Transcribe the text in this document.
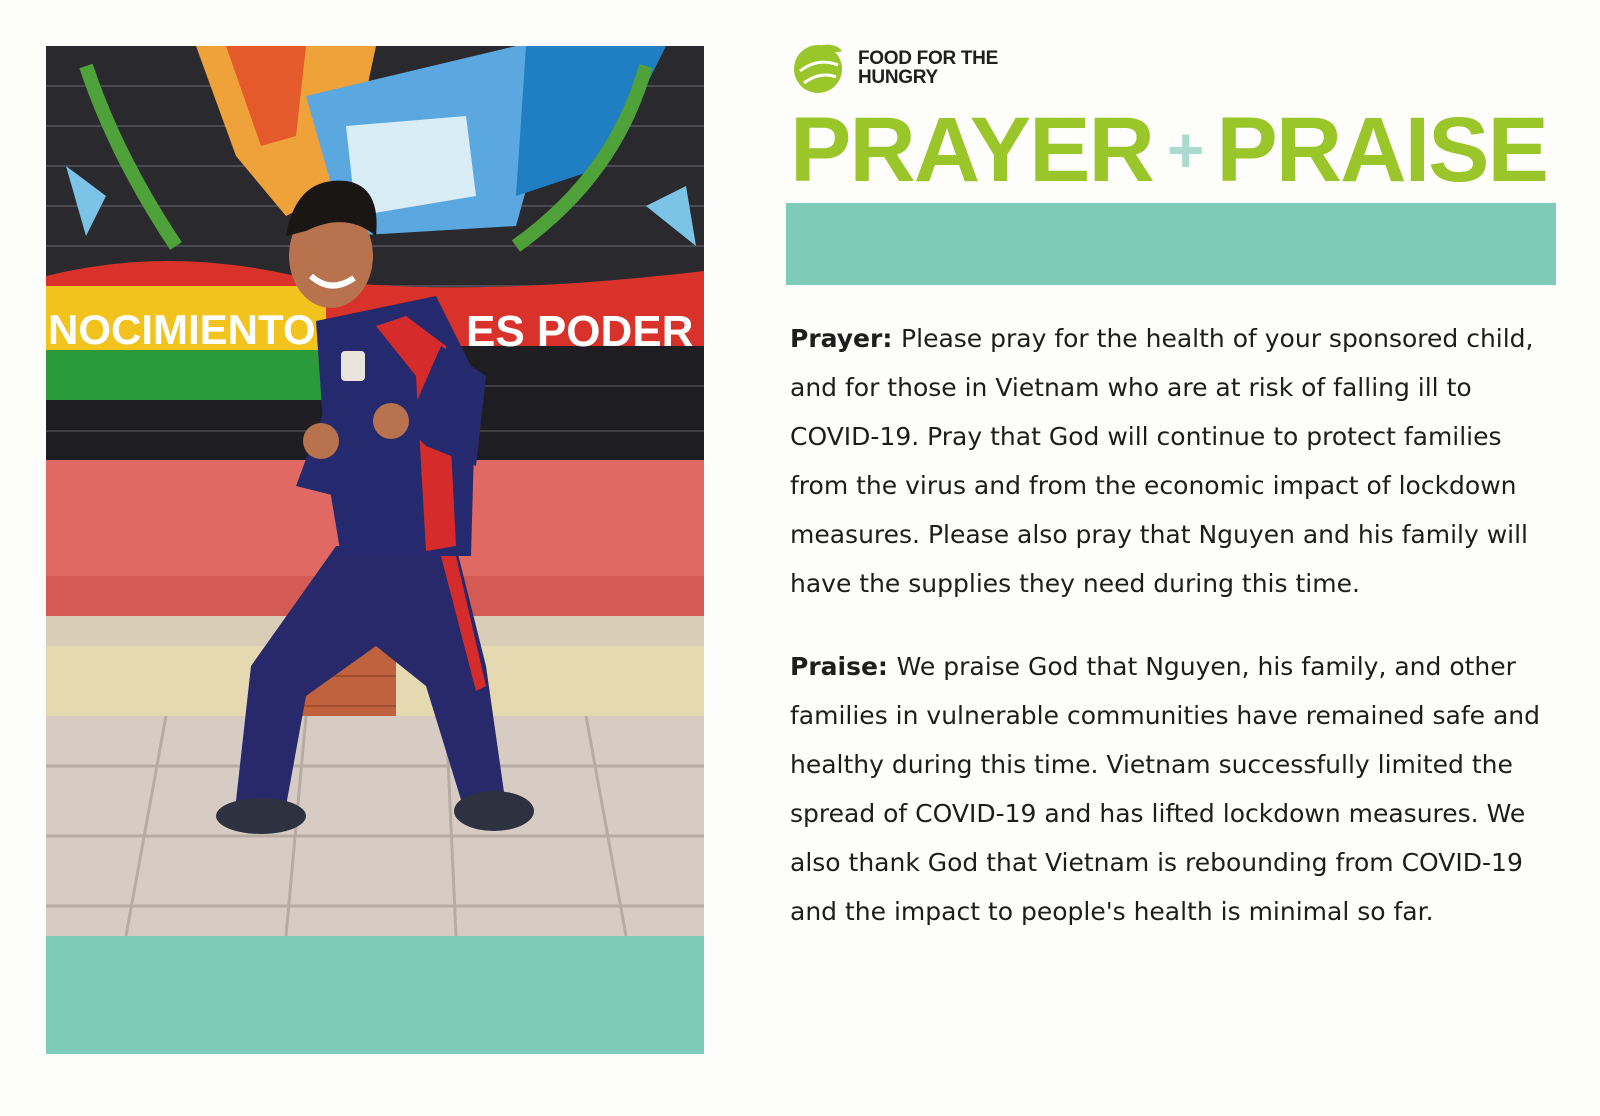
NOCIMIENTO	ES PODER
FOOD FOR THE HUNGRY
PRAYER + PRAISE

Prayer: Please pray for the health of your sponsored child, and for those in Vietnam who are at risk of falling ill to COVID-19. Pray that God will continue to protect families from the virus and from the economic impact of lockdown measures. Please also pray that Nguyen and his family will have the supplies they need during this time.

Praise: We praise God that Nguyen, his family, and other families in vulnerable communities have remained safe and healthy during this time. Vietnam successfully limited the spread of COVID-19 and has lifted lockdown measures. We also thank God that Vietnam is rebounding from COVID-19 and the impact to people's health is minimal so far.
